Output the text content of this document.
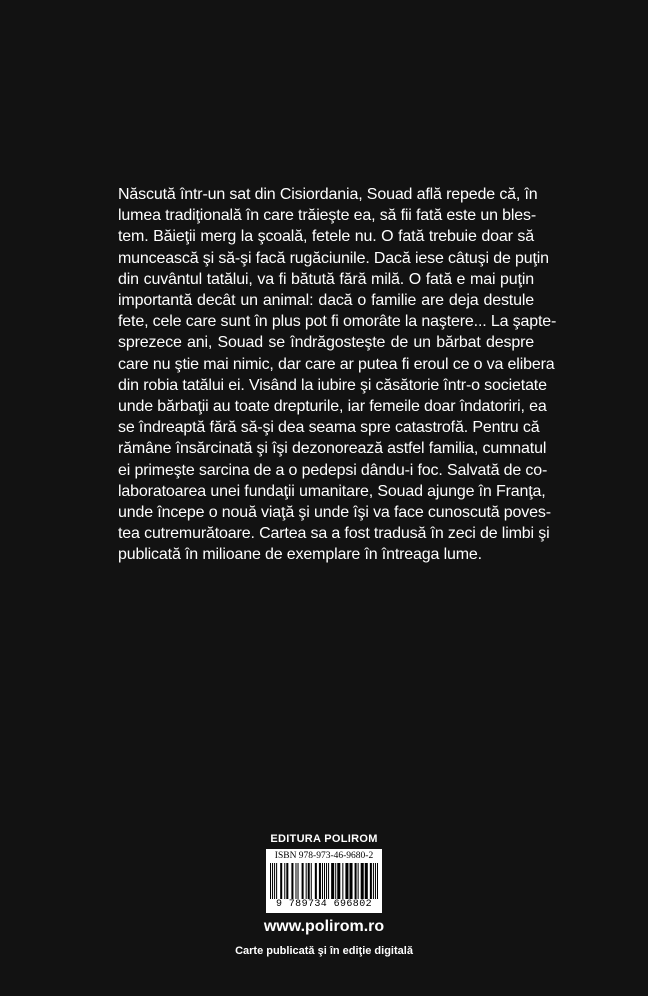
Născută într-un sat din Cisiordania, Souad află repede că, în
lumea tradiţională în care trăieşte ea, să fii fată este un bles-
tem. Băieţii merg la şcoală, fetele nu. O fată trebuie doar să
muncească şi să-şi facă rugăciunile. Dacă iese câtuşi de puţin
din cuvântul tatălui, va fi bătută fără milă. O fată e mai puţin
importantă decât un animal: dacă o familie are deja destule
fete, cele care sunt în plus pot fi omorâte la naştere... La şapte-
sprezece ani, Souad se îndrăgosteşte de un bărbat despre
care nu ştie mai nimic, dar care ar putea fi eroul ce o va elibera
din robia tatălui ei. Visând la iubire şi căsătorie într-o societate
unde bărbaţii au toate drepturile, iar femeile doar îndatoriri, ea
se îndreaptă fără să-şi dea seama spre catastrofă. Pentru că
rămâne însărcinată şi îşi dezonorează astfel familia, cumnatul
ei primeşte sarcina de a o pedepsi dându-i foc. Salvată de co-
laboratoarea unei fundaţii umanitare, Souad ajunge în Franţa,
unde începe o nouă viaţă şi unde îşi va face cunoscută poves-
tea cutremurătoare. Cartea sa a fost tradusă în zeci de limbi şi
publicată în milioane de exemplare în întreaga lume.
EDITURA POLIROM
ISBN 978-973-46-9680-2
9 789734 696802
www.polirom.ro
Carte publicată şi în ediţie digitală
